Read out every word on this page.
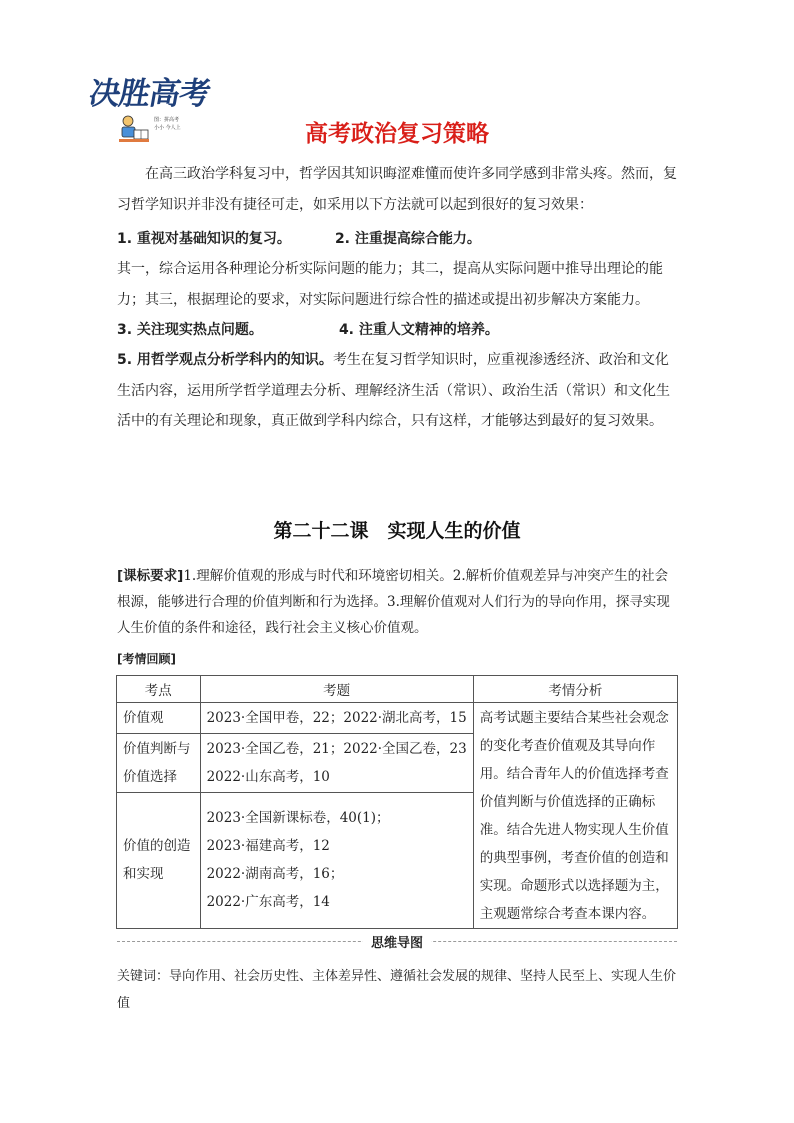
决胜高考
图：拼高考
小小 今人上	高考政治复习策略

在高三政治学科复习中，哲学因其知识晦涩难懂而使许多同学感到非常头疼。然而，复习哲学知识并非没有捷径可走，如采用以下方法就可以起到很好的复习效果：

1. 重视对基础知识的复习。	2. 注重提高综合能力。

其一，综合运用各种理论分析实际问题的能力；其二，提高从实际问题中推导出理论的能力；其三，根据理论的要求，对实际问题进行综合性的描述或提出初步解决方案能力。

3. 关注现实热点问题。	4. 注重人文精神的培养。

5. 用哲学观点分析学科内的知识。考生在复习哲学知识时，应重视渗透经济、政治和文化生活内容，运用所学哲学道理去分析、理解经济生活（常识）、政治生活（常识）和文化生活中的有关理论和现象，真正做到学科内综合，只有这样，才能够达到最好的复习效果。

第二十二课　实现人生的价值

[课标要求]1.理解价值观的形成与时代和环境密切相关。2.解析价值观差异与冲突产生的社会根源，能够进行合理的价值判断和行为选择。3.理解价值观对人们行为的导向作用，探寻实现人生价值的条件和途径，践行社会主义核心价值观。

[考情回顾]
考点	考题	考情分析
价值观	2023·全国甲卷，22；2022·湖北高考，15	高考试题主要结合某些社会观念的变化考查价值观及其导向作用。结合青年人的价值选择考查价值判断与价值选择的正确标准。结合先进人物实现人生价值的典型事例，考查价值的创造和实现。命题形式以选择题为主，主观题常综合考查本课内容。
价值判断与价值选择	2023·全国乙卷，21；2022·全国乙卷，23
2022·山东高考，10	

价值的创造和实现	2023·全国新课标卷，40(1)；
2023·福建高考，12
2022·湖南高考，16；
2022·广东高考，14	
思维导图

关键词：导向作用、社会历史性、主体差异性、遵循社会发展的规律、坚持人民至上、实现人生价值
